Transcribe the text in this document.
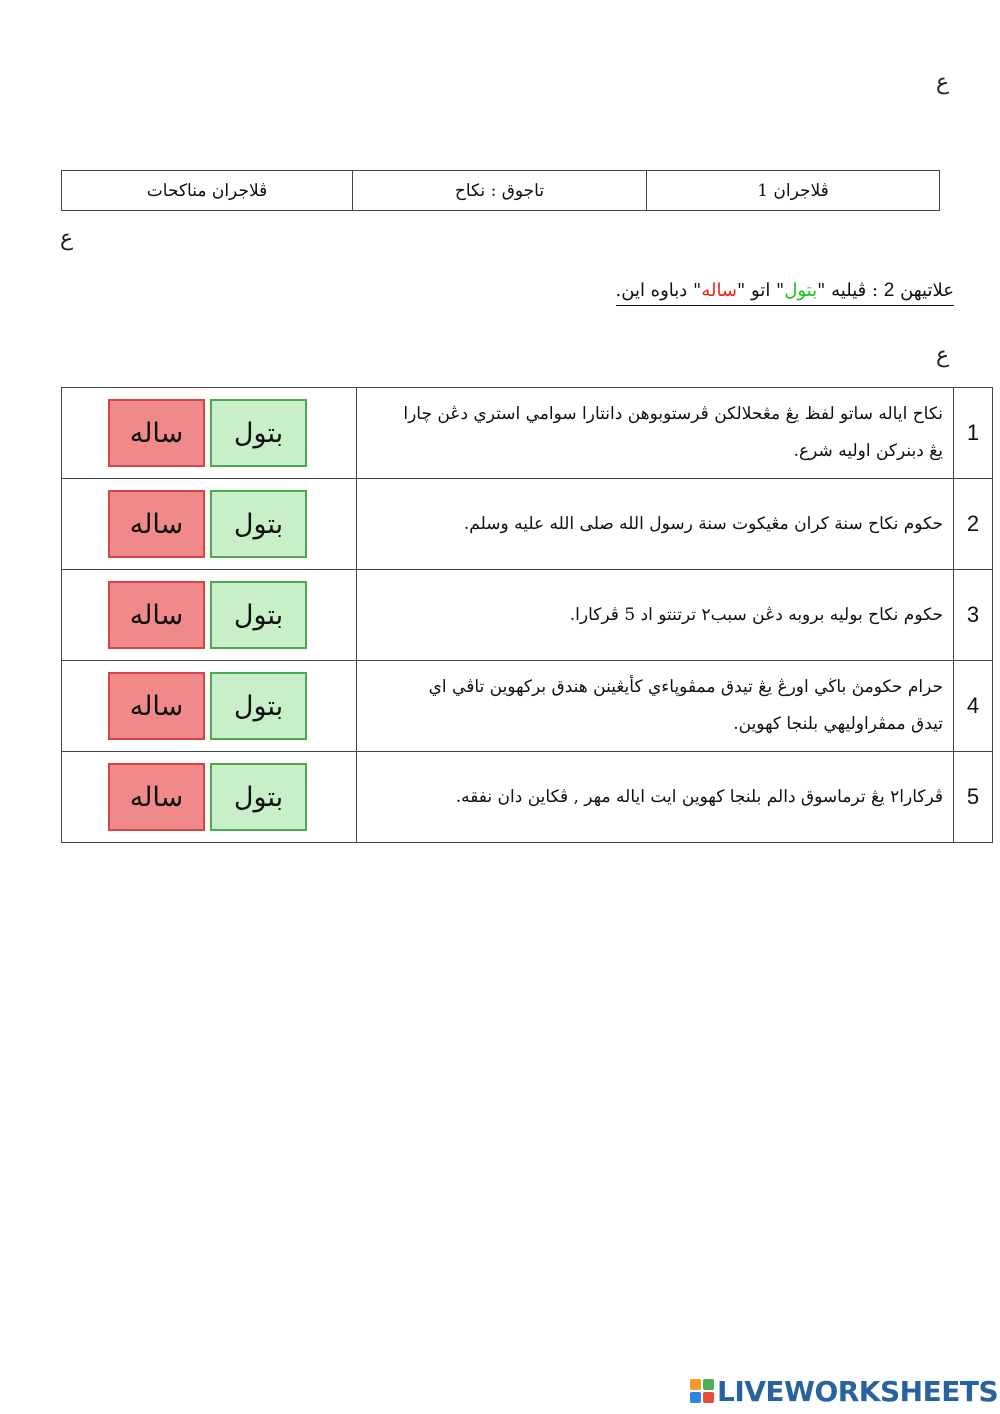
ع
ڤلاجران 1	تاجوق : نكاح	ڤلاجران مناكحات
ع
علاتيهن 2 : ڤيليه "بتول" اتو "ساله" دباوه اين.
ع
1	نكاح اياله ساتو لفظ يڠ مڠحلالكن ڤرستوبوهن دانتارا سوامي استري دڠن چارا يڠ دبنركن اوليه شرع.	ساله بتول

2	حكوم نكاح سنة كران مڠيكوت سنة رسول الله صلى الله عليه وسلم.	ساله بتول

3	حكوم نكاح بوليه بروبه دڠن سبب٢ ترتنتو اد 5 ڤركارا.	ساله بتول

4	حرام حكومڽ باڬي اورڠ يڠ تيدق ممڤوڽاءي كأيڠينن هندق بركهوين تاڤي اي تيدق ممڤراوليهي بلنجا كهوين.	ساله بتول

5	ڤركارا٢ يڠ ترماسوق دالم بلنجا كهوين ايت اياله مهر , ڤكاين دان نفقه.	ساله بتول
LIVEWORKSHEETS
